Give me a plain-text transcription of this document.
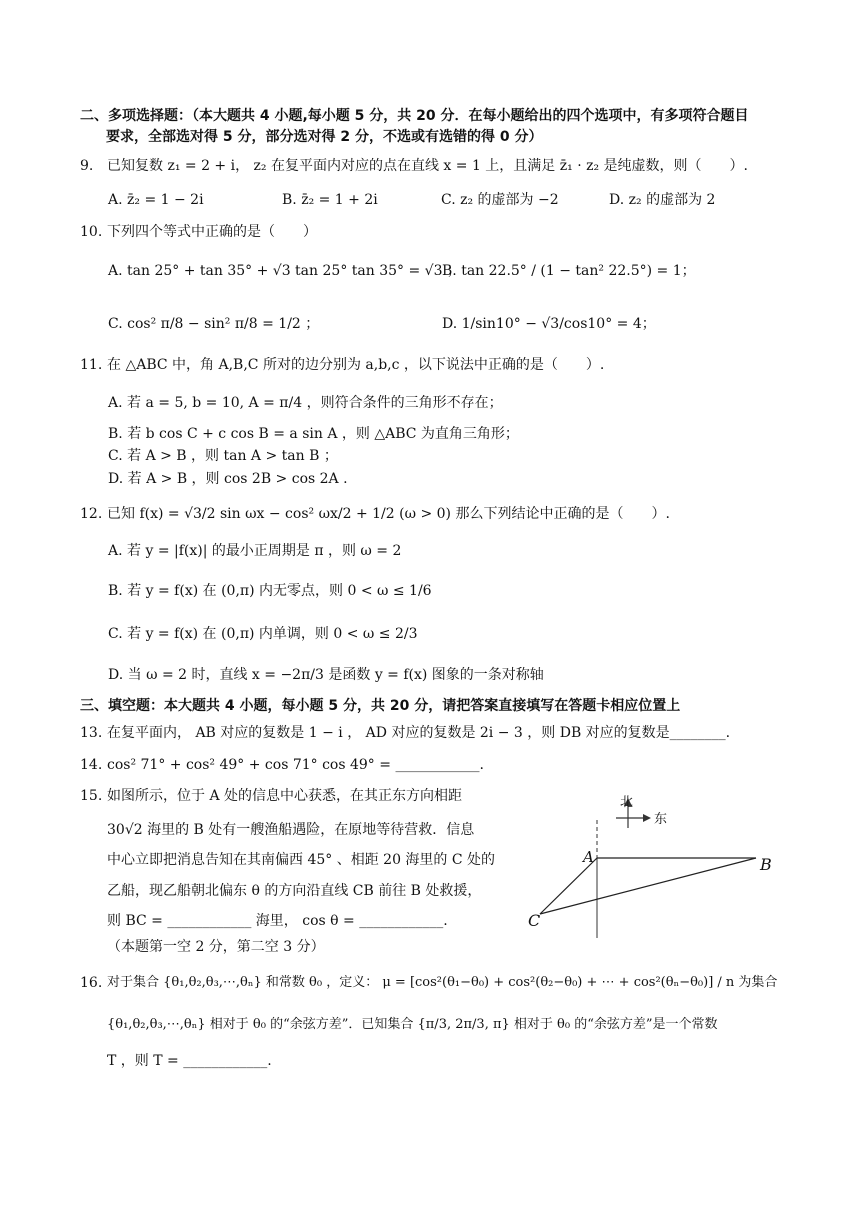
二、多项选择题：（本大题共 4 小题,每小题 5 分，共 20 分．在每小题给出的四个选项中，有多项符合题目
要求，全部选对得 5 分，部分选对得 2 分，不选或有选错的得 0 分）
9. 已知复数 z₁ = 2 + i， z₂ 在复平面内对应的点在直线 x = 1 上，且满足 z̄₁ · z₂ 是纯虚数，则（　　）.
A. z̄₂ = 1 − 2i	B. z̄₂ = 1 + 2i	C. z₂ 的虚部为 −2	D. z₂ 的虚部为 2
10. 下列四个等式中正确的是（　　）
A. tan 25° + tan 35° + √3 tan 25° tan 35° = √3 ；
B. tan 22.5° / (1 − tan² 22.5°) = 1；
C. cos² π/8 − sin² π/8 = 1/2 ；	D. 1/sin10° − √3/cos10° = 4；
11. 在 △ABC 中，角 A,B,C 所对的边分别为 a,b,c ，以下说法中正确的是（　　）.
A. 若 a = 5, b = 10, A = π/4 ，则符合条件的三角形不存在；
B. 若 b cos C + c cos B = a sin A ，则 △ABC 为直角三角形；
C. 若 A > B ，则 tan A > tan B ；
D. 若 A > B ，则 cos 2B > cos 2A .
12. 已知 f(x) = √3/2 sin ωx − cos² ωx/2 + 1/2 (ω > 0) 那么下列结论中正确的是（　　）.
A. 若 y = |f(x)| 的最小正周期是 π ，则 ω = 2
B. 若 y = f(x) 在 (0,π) 内无零点，则 0 < ω ≤ 1/6
C. 若 y = f(x) 在 (0,π) 内单调，则 0 < ω ≤ 2/3
D. 当 ω = 2 时，直线 x = −2π/3 是函数 y = f(x) 图象的一条对称轴
三、填空题：本大题共 4 小题，每小题 5 分，共 20 分，请把答案直接填写在答题卡相应位置上
13. 在复平面内， AB 对应的复数是 1 − i ， AD 对应的复数是 2i − 3 ，则 DB 对应的复数是________.
14. cos² 71° + cos² 49° + cos 71° cos 49° = ____________.
15. 如图所示，位于 A 处的信息中心获悉，在其正东方向相距
30√2 海里的 B 处有一艘渔船遇险，在原地等待营救．信息
中心立即把消息告知在其南偏西 45° 、相距 20 海里的 C 处的
乙船，现乙船朝北偏东 θ 的方向沿直线 CB 前往 B 处救援，
则 BC = ____________ 海里， cos θ = ____________.
（本题第一空 2 分，第二空 3 分）
北
东
A	B
C
16. 对于集合 {θ₁,θ₂,θ₃,⋯,θₙ} 和常数 θ₀ ，定义： μ = [cos²(θ₁−θ₀) + cos²(θ₂−θ₀) + ⋯ + cos²(θₙ−θ₀)] / n 为集合
{θ₁,θ₂,θ₃,⋯,θₙ} 相对于 θ₀ 的“余弦方差”．已知集合 {π/3, 2π/3, π} 相对于 θ₀ 的“余弦方差”是一个常数
T ，则 T = ____________.
